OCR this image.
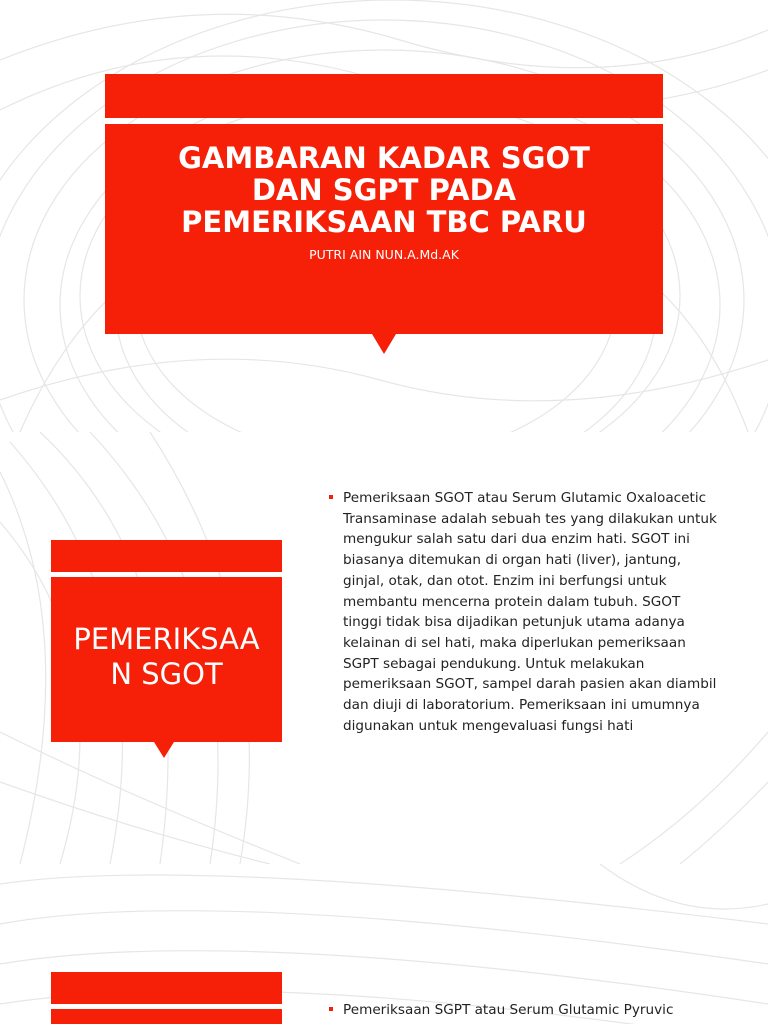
GAMBARAN KADAR SGOT DAN SGPT PADA PEMERIKSAAN TBC PARU
PUTRI AIN NUN.A.Md.AK
PEMERIKSAAN SGOT
Pemeriksaan SGOT atau Serum Glutamic Oxaloacetic Transaminase adalah sebuah tes yang dilakukan untuk mengukur salah satu dari dua enzim hati. SGOT ini biasanya ditemukan di organ hati (liver), jantung, ginjal, otak, dan otot. Enzim ini berfungsi untuk membantu mencerna protein dalam tubuh. SGOT tinggi tidak bisa dijadikan petunjuk utama adanya kelainan di sel hati, maka diperlukan pemeriksaan SGPT sebagai pendukung. Untuk melakukan pemeriksaan SGOT, sampel darah pasien akan diambil dan diuji di laboratorium. Pemeriksaan ini umumnya digunakan untuk mengevaluasi fungsi hati
Pemeriksaan SGPT atau Serum Glutamic Pyruvic
